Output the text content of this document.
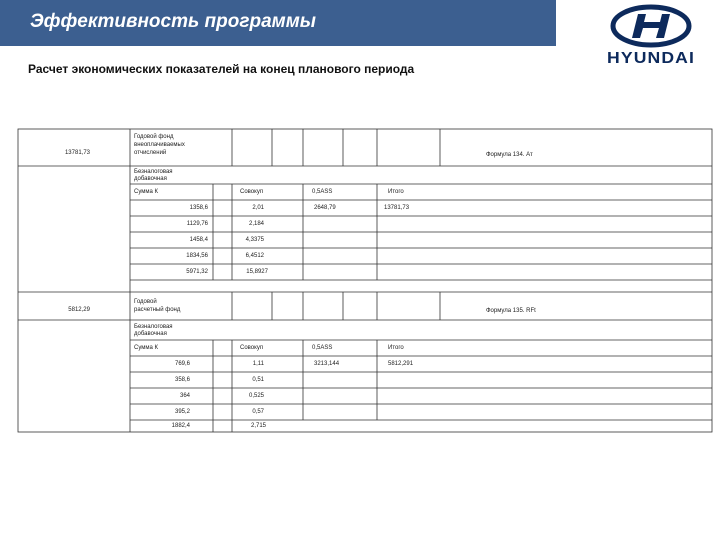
Эффективность программы
HYUNDAI
Расчет экономических показателей на конец планового периода
13781,73
Годовой фонд
внеоплачиваемых
отчислений	Формула 134. Ат
Безналоговая
добавочная
Сумма К	Совокуп	0,5АSS	Итого
1358,6	2,01	2648,79	13781,73
1129,76	2,184
1458,4	4,3375
1834,56	6,4512
5971,32	15,8927
5812,29
Годовой
расчетный фонд	Формула 135. RFt
Безналоговая
добавочная
Сумма К	Совокуп	0,5АSS	Итого
769,6	1,11	3213,144	5812,291
358,6	0,51
364	0,525
395,2	0,57
1882,4	2,715
